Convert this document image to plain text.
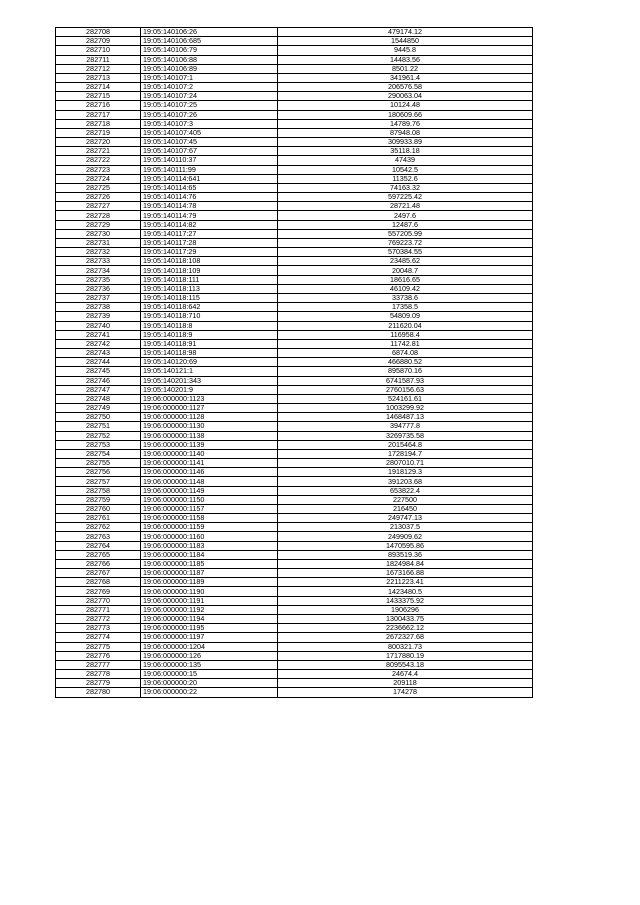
282708	19:05:140106:26	479174.12
282709	19:05:140106:685	1544850
282710	19:05:140106:79	9445.8
282711	19:05:140106:88	14483.56
282712	19:05:140106:89	8501.22
282713	19:05:140107:1	341961.4
282714	19:05:140107:2	206576.58
282715	19:05:140107:24	290063.04
282716	19:05:140107:25	10124.48
282717	19:05:140107:26	180609.66
282718	19:05:140107:3	14789.76
282719	19:05:140107:405	87948.08
282720	19:05:140107:45	309933.89
282721	19:05:140107:67	35118.18
282722	19:05:140110:37	47439
282723	19:05:140111:99	10542.5
282724	19:05:140114:641	11352.6
282725	19:05:140114:65	74163.32
282726	19:05:140114:76	597225.42
282727	19:05:140114:78	28721.48
282728	19:05:140114:79	2497.6
282729	19:05:140114:82	12487.6
282730	19:05:140117:27	557205.99
282731	19:05:140117:28	769223.72
282732	19:05:140117:29	570384.55
282733	19:05:140118:108	23485.62
282734	19:05:140118:109	20048.7
282735	19:05:140118:111	18616.65
282736	19:05:140118:113	46109.42
282737	19:05:140118:115	33738.6
282738	19:05:140118:642	17358.5
282739	19:05:140118:710	54809.09
282740	19:05:140118:8	211620.04
282741	19:05:140118:9	116958.4
282742	19:05:140118:91	11742.81
282743	19:05:140118:98	6874.08
282744	19:05:140120:69	466880.52
282745	19:05:140121:1	895870.16
282746	19:05:140201:343	6741587.93
282747	19:05:140201:9	2760156.63
282748	19:06:000000:1123	524161.61
282749	19:06:000000:1127	1003299.92
282750	19:06:000000:1128	1468487.13
282751	19:06:000000:1130	394777.8
282752	19:06:000000:1138	3269735.58
282753	19:06:000000:1139	2015464.8
282754	19:06:000000:1140	1728194.7
282755	19:06:000000:1141	2807010.71
282756	19:06:000000:1146	1918129.3
282757	19:06:000000:1148	391203.68
282758	19:06:000000:1149	653822.4
282759	19:06:000000:1150	227500
282760	19:06:000000:1157	216450
282761	19:06:000000:1158	249747.13
282762	19:06:000000:1159	213037.5
282763	19:06:000000:1160	249909.62
282764	19:06:000000:1183	1470595.86
282765	19:06:000000:1184	893519.36
282766	19:06:000000:1185	1824984.84
282767	19:06:000000:1187	1673166.88
282768	19:06:000000:1189	2211223.41
282769	19:06:000000:1190	1423480.5
282770	19:06:000000:1191	1433375.92
282771	19:06:000000:1192	1906296
282772	19:06:000000:1194	1300433.75
282773	19:06:000000:1195	2236662.12
282774	19:06:000000:1197	2672327.68
282775	19:06:000000:1204	800321.73
282776	19:06:000000:126	1717880.19
282777	19:06:000000:135	8095543.18
282778	19:06:000000:15	24674.4
282779	19:06:000000:20	209118
282780	19:06:000000:22	174278
